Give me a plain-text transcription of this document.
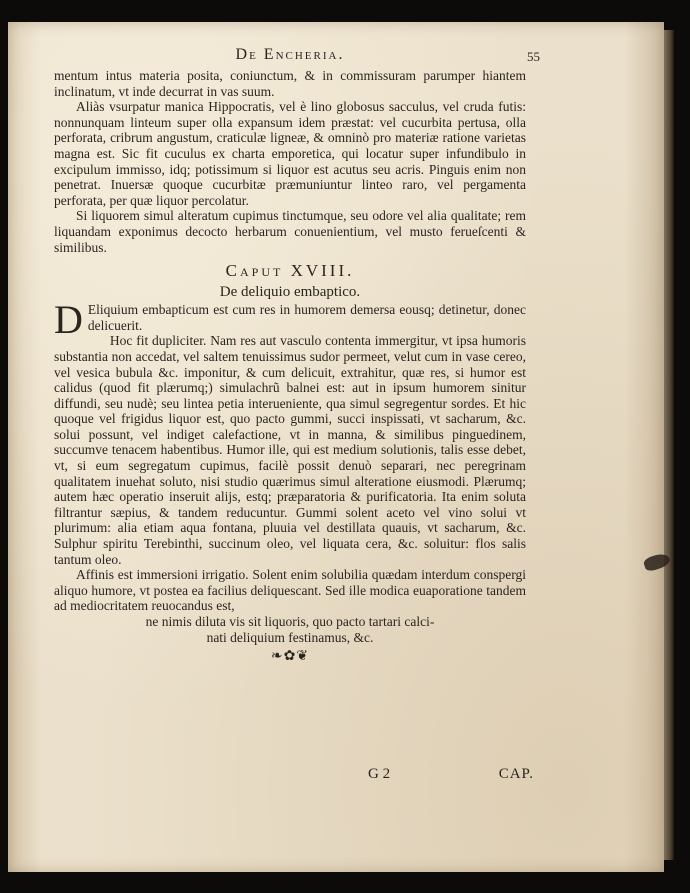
De Encheria.	55

mentum intus materia posita, coniunctum, & in commissuram parumper hiantem inclinatum, vt inde decurrat in vas suum.

Aliàs vsurpatur manica Hippocratis, vel è lino globosus sacculus, vel cruda futis: nonnunquam linteum super olla expansum idem præstat: vel cucurbita pertusa, olla perforata, cribrum angustum, craticulæ ligneæ, & omninò pro materiæ ratione varietas magna est. Sic fit cuculus ex charta emporetica, qui locatur super infundibulo in excipulum immisso, idq; potissimum si liquor est acutus seu acris. Pinguis enim non penetrat. Inuersæ quoque cucurbitæ præmuniuntur linteo raro, vel pergamenta perforata, per quæ liquor percolatur.

Si liquorem simul alteratum cupimus tinctumque, seu odore vel alia qualitate; rem liquandam exponimus decocto herbarum conuenientium, vel musto ferueſcenti & similibus.

Caput XVIII.
De deliquio embaptico.
D Eliquium embapticum est cum res in humorem demersa eousq; detinetur, donec delicuerit.

Hoc fit dupliciter. Nam res aut vasculo contenta immergitur, vt ipsa humoris substantia non accedat, vel saltem tenuissimus sudor permeet, velut cum in vase cereo, vel vesica bubula &c. imponitur, & cum delicuit, extrahitur, quæ res, si humor est calidus (quod fit plærumq;) simulachrũ balnei est: aut in ipsum humorem sinitur diffundi, seu nudè; seu lintea petia interueniente, qua simul segregentur sordes. Et hic quoque vel frigidus liquor est, quo pacto gummi, succi inspissati, vt sacharum, &c. solui possunt, vel indiget calefactione, vt in manna, & similibus pinguedinem, succumve tenacem habentibus. Humor ille, qui est medium solutionis, talis esse debet, vt, si eum segregatum cupimus, facilè possit denuò separari, nec peregrinam qualitatem inuehat soluto, nisi studio quærimus simul alteratione eiusmodi. Plærumq; autem hæc operatio inseruit alijs, estq; præparatoria & purificatoria. Ita enim soluta filtrantur sæpius, & tandem reducuntur. Gummi solent aceto vel vino solui vt plurimum: alia etiam aqua fontana, pluuia vel destillata quauis, vt sacharum, &c. Sulphur spiritu Terebinthi, succinum oleo, vel liquata cera, &c. soluitur: flos salis tantum oleo.

Affinis est immersioni irrigatio. Solent enim solubilia quædam interdum conspergi aliquo humore, vt postea ea facilius deliquescant. Sed ille modica euaporatione tandem ad mediocritatem reuocandus est,

ne nimis diluta vis sit liquoris, quo pacto tartari calci-
nati deliquium festinamus, &c.
❧✿❦
G 2	CAP.
